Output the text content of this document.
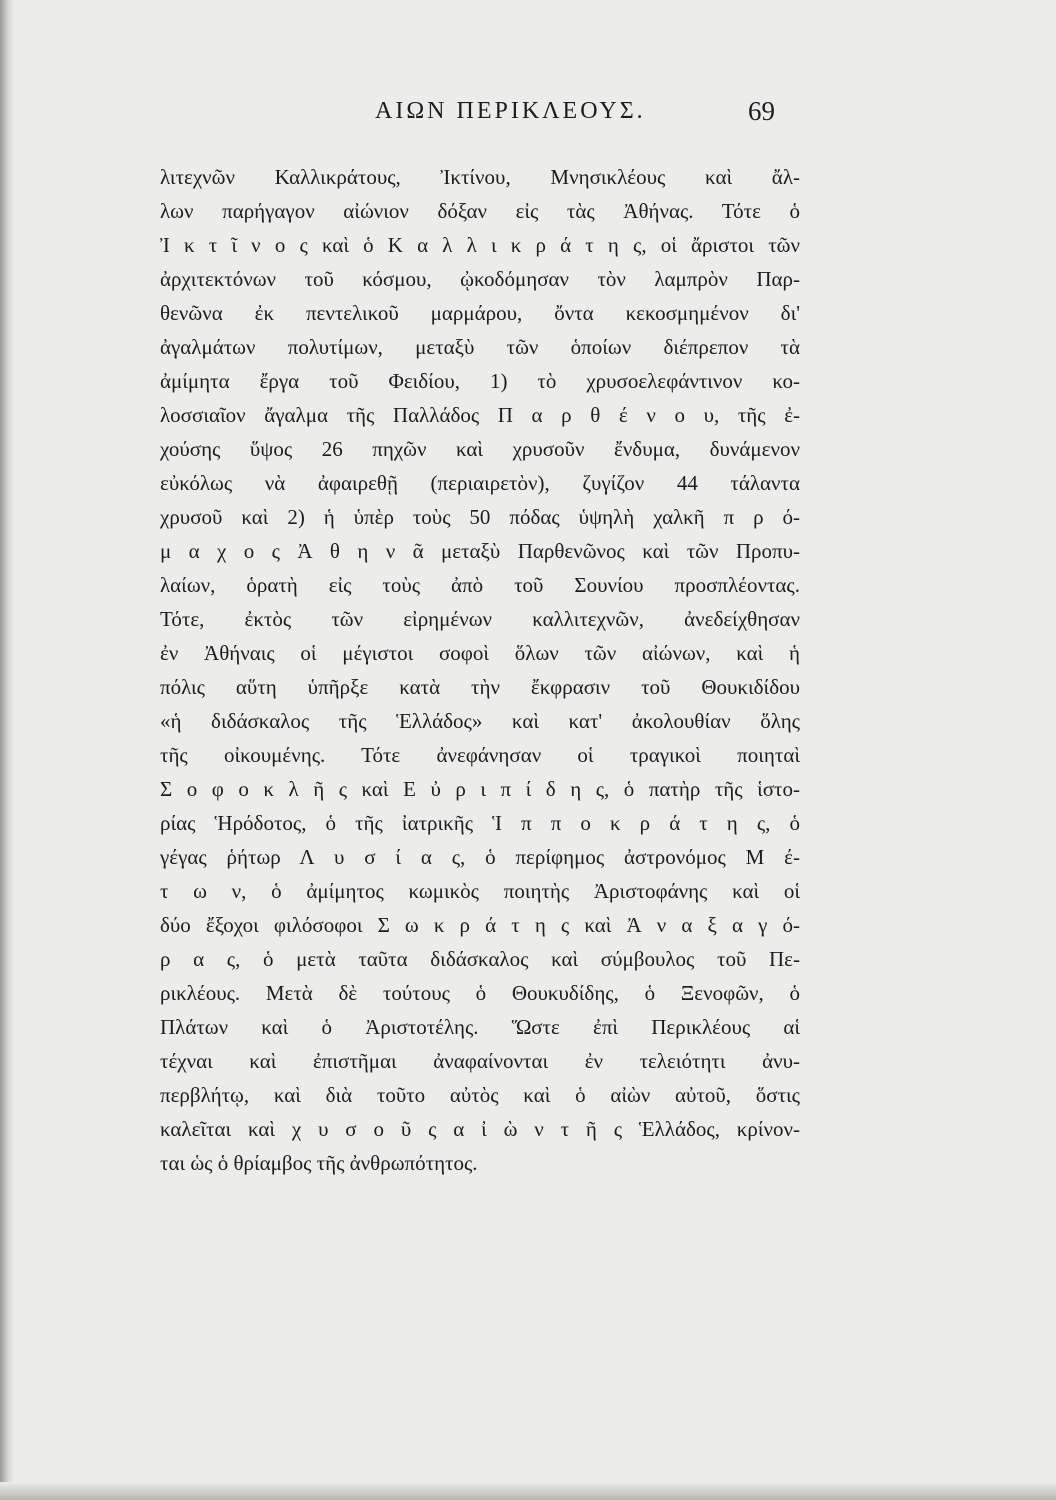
ΑΙΩΝ ΠΕΡΙΚΛΕΟΥΣ.	69
λιτεχνῶν Καλλικράτους, Ἰκτίνου, Μνησικλέους καὶ ἄλ-
λων παρήγαγον αἰώνιον δόξαν εἰς τὰς Ἀθήνας. Τότε ὁ
Ἰ κ τ ῖ ν ο ς καὶ ὁ Κ α λ λ ι κ ρ ά τ η ς, οἱ ἄριστοι τῶν
ἀρχιτεκτόνων τοῦ κόσμου, ᾠκοδόμησαν τὸν λαμπρὸν Παρ-
θενῶνα ἐκ πεντελικοῦ μαρμάρου, ὄντα κεκοσμημένον δι'
ἀγαλμάτων πολυτίμων, μεταξὺ τῶν ὁποίων διέπρεπον τὰ
ἀμίμητα ἔργα τοῦ Φειδίου, 1) τὸ χρυσοελεφάντινον κο-
λοσσιαῖον ἄγαλμα τῆς Παλλάδος Π α ρ θ έ ν ο υ, τῆς ἐ-
χούσης ὕψος 26 πηχῶν καὶ χρυσοῦν ἔνδυμα, δυνάμενον
εὐκόλως νὰ ἀφαιρεθῇ (περιαιρετὸν), ζυγίζον 44 τάλαντα
χρυσοῦ καὶ 2) ἡ ὑπὲρ τοὺς 50 πόδας ὑψηλὴ χαλκῆ π ρ ό-
μ α χ ο ς Ἀ θ η ν ᾶ μεταξὺ Παρθενῶνος καὶ τῶν Προπυ-
λαίων, ὁρατὴ εἰς τοὺς ἀπὸ τοῦ Σουνίου προσπλέοντας.
Τότε, ἐκτὸς τῶν εἰρημένων καλλιτεχνῶν, ἀνεδείχθησαν
ἐν Ἀθήναις οἱ μέγιστοι σοφοὶ ὅλων τῶν αἰώνων, καὶ ἡ
πόλις αὕτη ὑπῆρξε κατὰ τὴν ἔκφρασιν τοῦ Θουκιδίδου
«ἡ διδάσκαλος τῆς Ἑλλάδος» καὶ κατ' ἀκολουθίαν ὅλης
τῆς οἰκουμένης. Τότε ἀνεφάνησαν οἱ τραγικοὶ ποιηταὶ
Σ ο φ ο κ λ ῆ ς καὶ Ε ὐ ρ ι π ί δ η ς, ὁ πατὴρ τῆς ἱστο-
ρίας Ἡρόδοτος, ὁ τῆς ἰατρικῆς Ἱ π π ο κ ρ ά τ η ς, ὁ
γέγας ῥήτωρ Λ υ σ ί α ς, ὁ περίφημος ἀστρονόμος Μ έ-
τ ω ν, ὁ ἀμίμητος κωμικὸς ποιητὴς Ἀριστοφάνης καὶ οἱ
δύο ἔξοχοι φιλόσοφοι Σ ω κ ρ ά τ η ς καὶ Ἀ ν α ξ α γ ό-
ρ α ς, ὁ μετὰ ταῦτα διδάσκαλος καὶ σύμβουλος τοῦ Πε-
ρικλέους. Μετὰ δὲ τούτους ὁ Θουκυδίδης, ὁ Ξενοφῶν, ὁ
Πλάτων καὶ ὁ Ἀριστοτέλης. Ὥστε ἐπὶ Περικλέους αἱ
τέχναι καὶ ἐπιστῆμαι ἀναφαίνονται ἐν τελειότητι ἀνυ-
περβλήτῳ, καὶ διὰ τοῦτο αὐτὸς καὶ ὁ αἰὼν αὐτοῦ, ὅστις
καλεῖται καὶ χ υ σ ο ῦ ς α ἰ ὼ ν τ ῆ ς Ἑλλάδος, κρίνον-
ται ὡς ὁ θρίαμβος τῆς ἀνθρωπότητος.
